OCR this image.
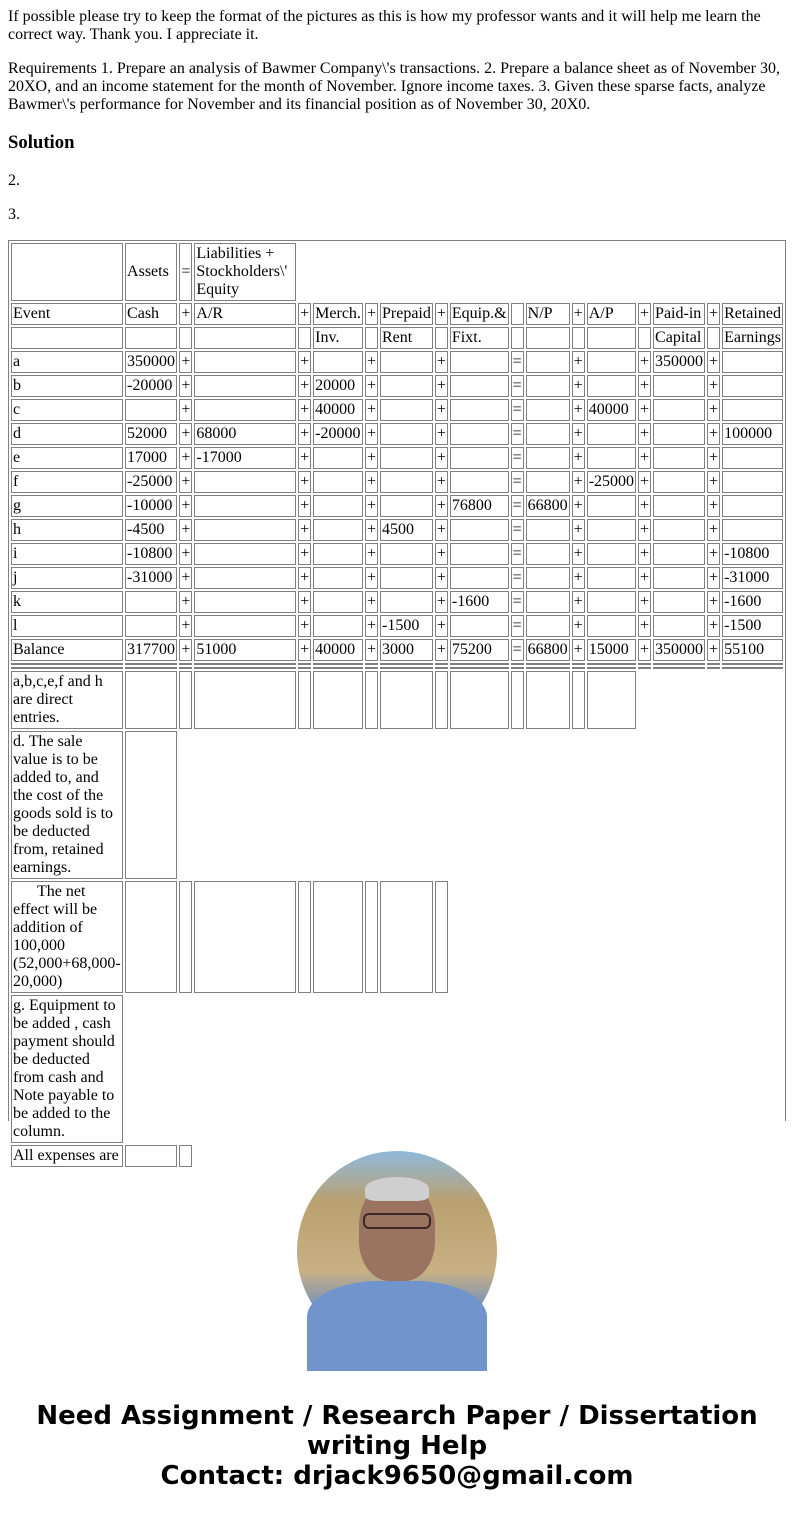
If possible please try to keep the format of the pictures as this is how my professor wants and it will help me learn the correct way. Thank you. I appreciate it.

Requirements 1. Prepare an analysis of Bawmer Company\'s transactions. 2. Prepare a balance sheet as of November 30, 20XO, and an income statement for the month of November. Ignore income taxes. 3. Given these sparse facts, analyze Bawmer\'s performance for November and its financial position as of November 30, 20X0.

Solution

2.

3.

	Assets	=	Liabilities + Stockholders\' Equity														
Event	Cash	+	A/R	+	Merch.	+	Prepaid	+	Equip.&		N/P	+	A/P	+	Paid-in	+	Retained
					Inv.		Rent		Fixt.						Capital		Earnings
a	350000	+		+		+		+		=		+		+	350000	+	
b	-20000	+		+	20000	+		+		=		+		+		+	
c		+		+	40000	+		+		=		+	40000	+		+	
d	52000	+	68000	+	-20000	+		+		=		+		+		+	100000
e	17000	+	-17000	+		+		+		=		+		+		+	
f	-25000	+		+		+		+		=		+	-25000	+		+	
g	-10000	+		+		+		+	76800	=	66800	+		+		+	
h	-4500	+		+		+	4500	+		=		+		+		+	
i	-10800	+		+		+		+		=		+		+		+	-10800
j	-31000	+		+		+		+		=		+		+		+	-31000
k		+		+		+		+	-1600	=		+		+		+	-1600
l		+		+		+	-1500	+		=		+		+		+	-1500
Balance	317700	+	51000	+	40000	+	3000	+	75200	=	66800	+	15000	+	350000	+	55100

a,b,c,e,f and h are direct entries.																	
d. The sale value is to be added to, and the cost of the goods sold is to be deducted from, retained earnings.																	
The net effect will be addition of 100,000 (52,000+68,000-20,000)																	
g. Equipment to be added , cash payment should be deducted from cash and Note payable to be added to the column.																	
All expenses are																	
Need Assignment / Research Paper / Dissertation writing Help
Contact: drjack9650@gmail.com
